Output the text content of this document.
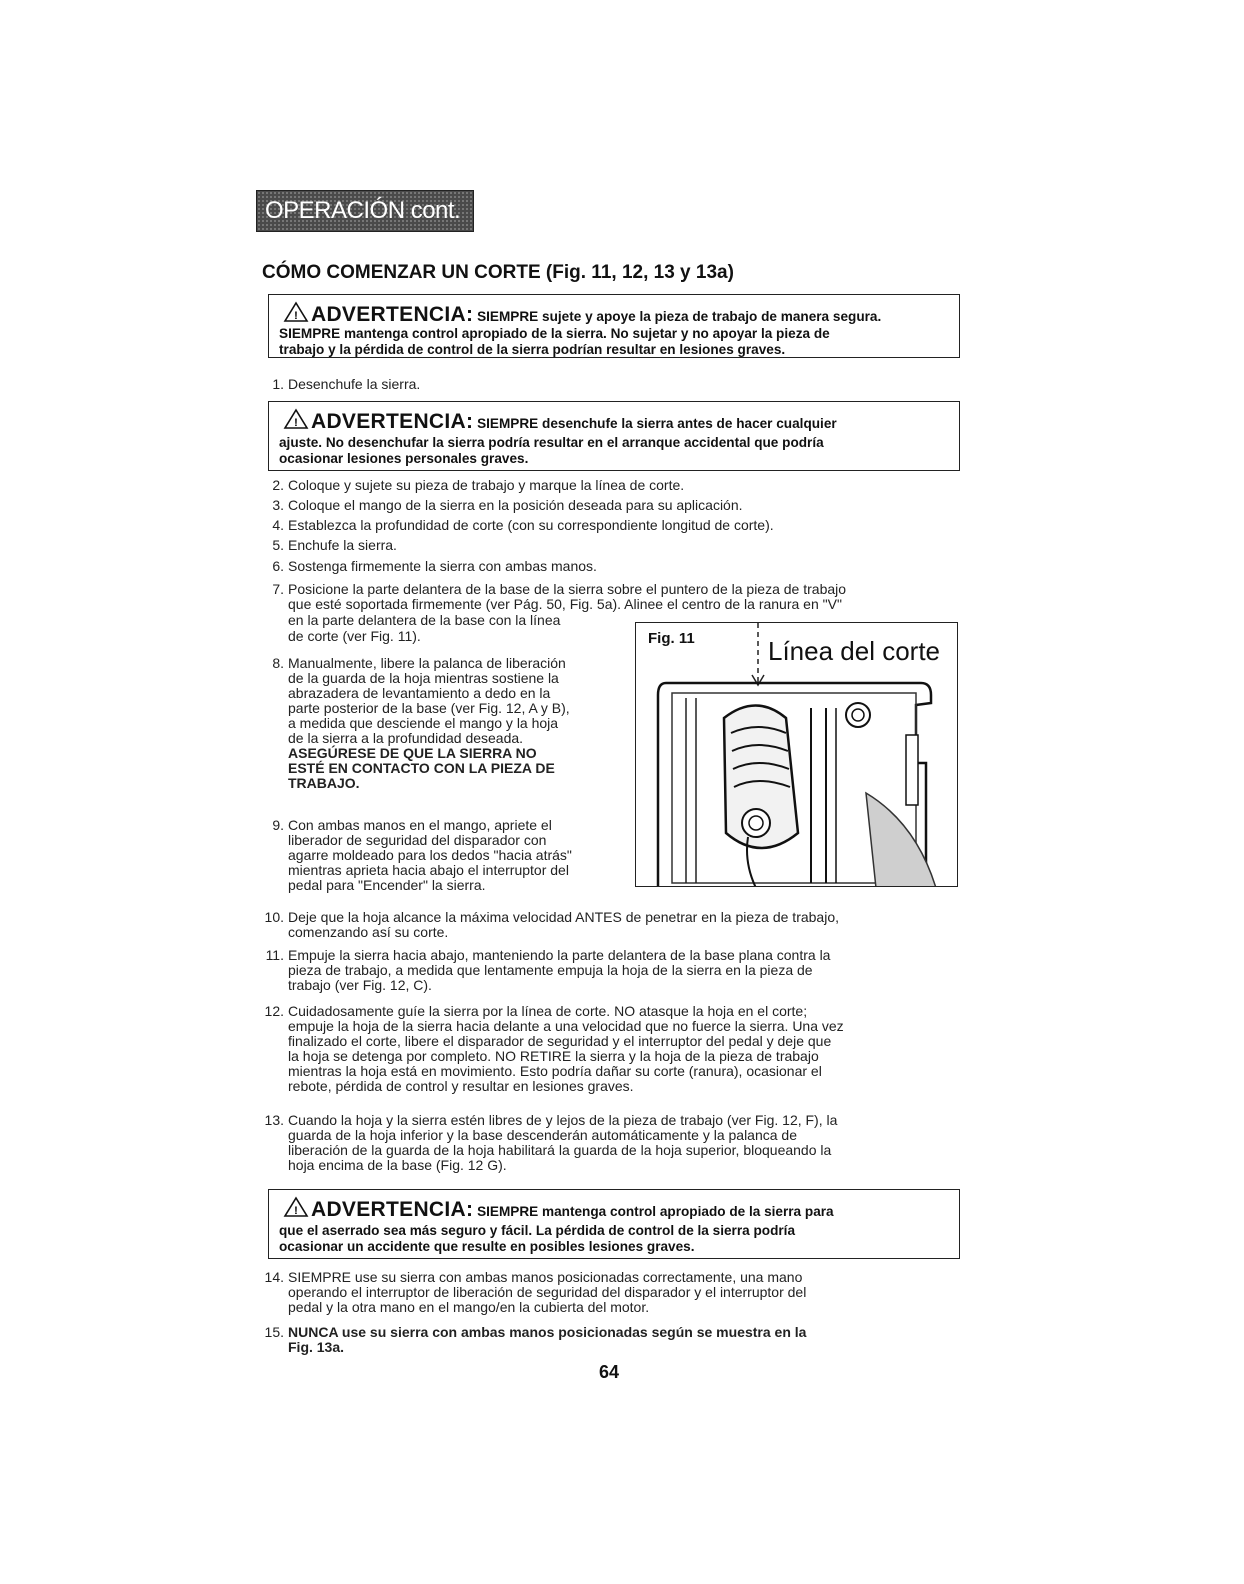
OPERACIÓN cont.
CÓMO COMENZAR UN CORTE (Fig. 11, 12, 13 y 13a)
! ADVERTENCIA: SIEMPRE sujete y apoye la pieza de trabajo de manera segura.
SIEMPRE mantenga control apropiado de la sierra. No sujetar y no apoyar la pieza de
trabajo y la pérdida de control de la sierra podrían resultar en lesiones graves.
1. Desenchufe la sierra.
! ADVERTENCIA: SIEMPRE desenchufe la sierra antes de hacer cualquier
ajuste. No desenchufar la sierra podría resultar en el arranque accidental que podría
ocasionar lesiones personales graves.
2. Coloque y sujete su pieza de trabajo y marque la línea de corte.
3. Coloque el mango de la sierra en la posición deseada para su aplicación.
4. Establezca la profundidad de corte (con su correspondiente longitud de corte).
5. Enchufe la sierra.
6. Sostenga firmemente la sierra con ambas manos.
7. Posicione la parte delantera de la base de la sierra sobre el puntero de la pieza de trabajo
que esté soportada firmemente (ver Pág. 50, Fig. 5a). Alinee el centro de la ranura en "V"
en la parte delantera de la base con la línea
de corte (ver Fig. 11).
8. Manualmente, libere la palanca de liberación
de la guarda de la hoja mientras sostiene la
abrazadera de levantamiento a dedo en la
parte posterior de la base (ver Fig. 12, A y B),
a medida que desciende el mango y la hoja
de la sierra a la profundidad deseada.
ASEGÚRESE DE QUE LA SIERRA NO
ESTÉ EN CONTACTO CON LA PIEZA DE
TRABAJO.
9. Con ambas manos en el mango, apriete el
liberador de seguridad del disparador con
agarre moldeado para los dedos "hacia atrás"
mientras aprieta hacia abajo el interruptor del
pedal para "Encender" la sierra.
Fig. 11	Línea del corte
10. Deje que la hoja alcance la máxima velocidad ANTES de penetrar en la pieza de trabajo,
comenzando así su corte.
11. Empuje la sierra hacia abajo, manteniendo la parte delantera de la base plana contra la
pieza de trabajo, a medida que lentamente empuja la hoja de la sierra en la pieza de
trabajo (ver Fig. 12, C).
12. Cuidadosamente guíe la sierra por la línea de corte. NO atasque la hoja en el corte;
empuje la hoja de la sierra hacia delante a una velocidad que no fuerce la sierra. Una vez
finalizado el corte, libere el disparador de seguridad y el interruptor del pedal y deje que
la hoja se detenga por completo. NO RETIRE la sierra y la hoja de la pieza de trabajo
mientras la hoja está en movimiento. Esto podría dañar su corte (ranura), ocasionar el
rebote, pérdida de control y resultar en lesiones graves.
13. Cuando la hoja y la sierra estén libres de y lejos de la pieza de trabajo (ver Fig. 12, F), la
guarda de la hoja inferior y la base descenderán automáticamente y la palanca de
liberación de la guarda de la hoja habilitará la guarda de la hoja superior, bloqueando la
hoja encima de la base (Fig. 12 G).
! ADVERTENCIA: SIEMPRE mantenga control apropiado de la sierra para
que el aserrado sea más seguro y fácil. La pérdida de control de la sierra podría
ocasionar un accidente que resulte en posibles lesiones graves.
14. SIEMPRE use su sierra con ambas manos posicionadas correctamente, una mano
operando el interruptor de liberación de seguridad del disparador y el interruptor del
pedal y la otra mano en el mango/en la cubierta del motor.
15. NUNCA use su sierra con ambas manos posicionadas según se muestra en la
Fig. 13a.
64
